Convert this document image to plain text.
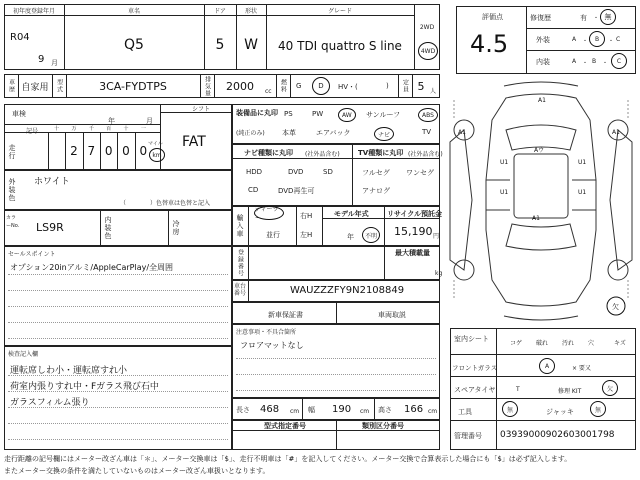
初年度登録年月
R04
9 月
車名
Q5
ドア
5
形状
W
グレード
40 TDI quattro S line
2WD
4WD
車歴 自家用	型式	3CA-FYDTPS	排気量	2000	cc	燃料	G	D	HV・(	)	定員 5 人
評価点
4.5
修復歴	有 ・ 無
外装	A ・	B	・ C
内装	A ・ B ・	C
車検
年	月
シフト
FAT
走行
記号	十	万	千	百	十	一
2 7 0 0 0 マイル
km
外装色 ホワイト
（　　　　）色替車は色替と記入
カラーNo. LS9R	内装色	冷房
装備品に丸印
(純正のみ)
PS	PW	AW	サンルーフ	ABS
本革	エアバック	ナビ	TV
ナビ種類に丸印 (社外品含む)	TV種類に丸印 (社外品含む)
HDD	DVD	SD
CD	DVD再生可
フルセグ ワンセグ
アナログ
輸入車
ディーラー
並行
右H
左H
モデル年式
年	不明
リサイクル預託金
15,190 円
登録番号	最大積載量
kg
車台番号	WAUZZZFY9N2108849
新車保証書	車両取説
注意事項・不具合箇所
フロアマットなし
長さ 468 cm 幅 190 cm 高さ 166 cm
型式指定番号	類別区分番号
セールスポイント
オプション20inアルミ/AppleCarPlay/全周囲
検査記入欄
運転席しわ小・運転席すれ小
荷室内張りすれ中・Fガラス飛び石中
ガラスフィルム張り
A1
A1	A1
U1
U1
U1
U1
Aウ
A1
欠
室内シート
コゲ 破れ 汚れ 穴	キズ
フロントガラス	A	× 要又
スペアタイヤ	T	修理 KIT	欠
工具	無	ジャッキ	無
管理番号 03939000902603001798
走行距離の記号欄にはメーター改ざん車は「＊」、メーター交換車は「$」、走行不明車は「#」を記入してください。メーター交換で合算表示した場合にも「$」は必ず記入します。
またメーター交換の条件を満たしていないものはメーター改ざん車扱いとなります。
